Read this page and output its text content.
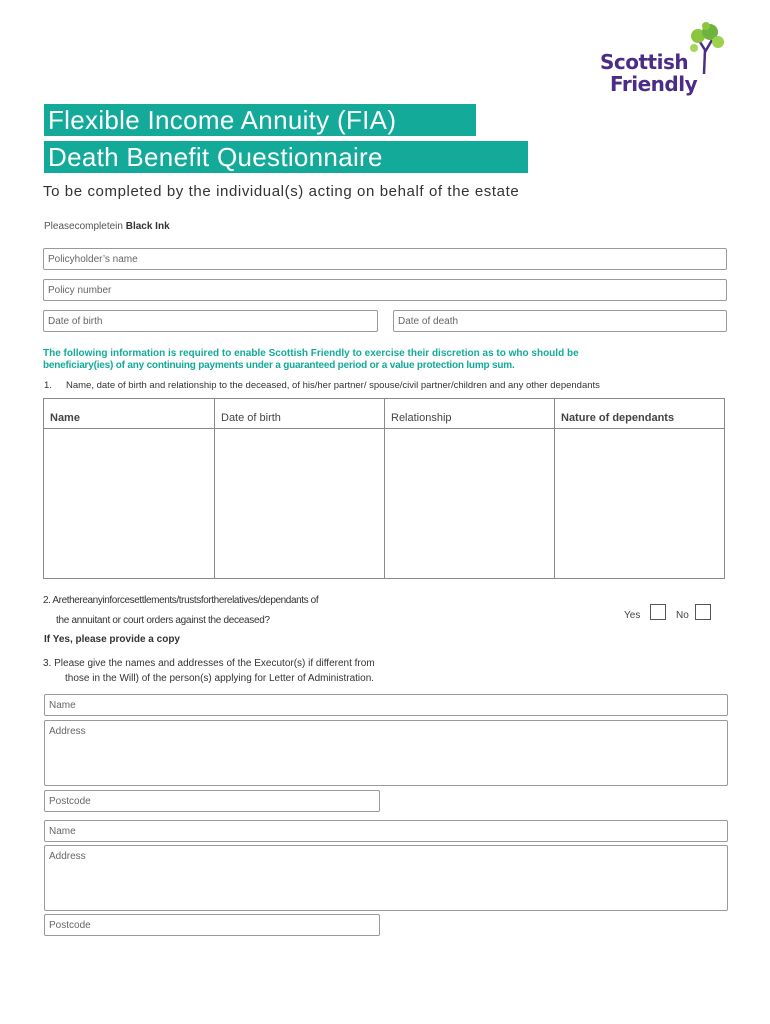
Scottish
Friendly
Flexible Income Annuity (FIA)
Death Benefit Questionnaire
To be completed by the individual(s) acting on behalf of the estate
Pleasecompletein Black Ink
Policyholder’s name
Policy number
Date of birth	Date of death
The following information is required to enable Scottish Friendly to exercise their discretion as to who should be
beneficiary(ies) of any continuing payments under a guaranteed period or a value protection lump sum.
1. Name, date of birth and relationship to the deceased, of his/her partner/ spouse/civil partner/children and any other dependants
Name	Date of birth	Relationship	Nature of dependants
2. Arethereanyinforcesettlements/trustsfortherelatives/dependants of
the annuitant or court orders against the deceased?	Yes	No
If Yes, please provide a copy
3. Please give the names and addresses of the Executor(s) if different from
those in the Will) of the person(s) applying for Letter of Administration.
Name
Address
Postcode
Name
Address
Postcode
